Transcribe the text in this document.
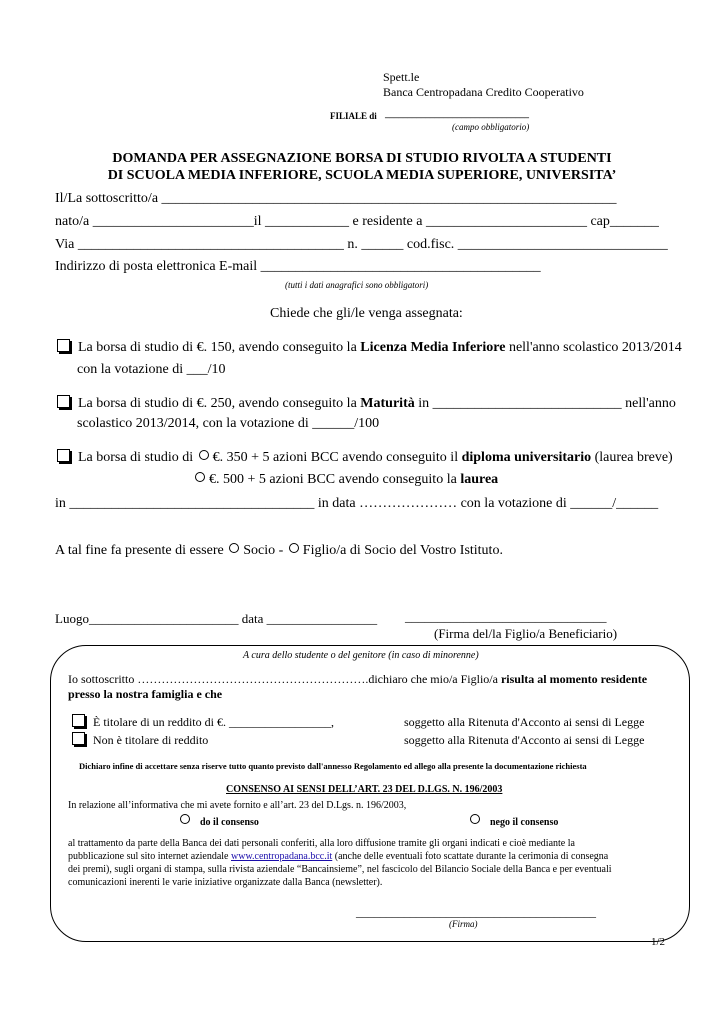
Spett.le
Banca Centropadana Credito Cooperativo
FILIALE di ________________________________
(campo obbligatorio)
DOMANDA PER ASSEGNAZIONE BORSA DI STUDIO RIVOLTA A STUDENTI
DI SCUOLA MEDIA INFERIORE, SCUOLA MEDIA SUPERIORE, UNIVERSITA’
Il/La sottoscritto/a _________________________________________________________________
nato/a _______________________il ____________ e residente a _______________________ cap_______
Via ______________________________________ n. ______ cod.fisc. ______________________________
Indirizzo di posta elettronica E-mail ________________________________________
(tutti i dati anagrafici sono obbligatori)
Chiede che gli/le venga assegnata:
La borsa di studio di €. 150, avendo conseguito la Licenza Media Inferiore nell'anno scolastico 2013/2014
con la votazione di ___/10
La borsa di studio di €. 250, avendo conseguito la Maturità in ___________________________ nell'anno
scolastico 2013/2014, con la votazione di ______/100
La borsa di studio di €. 350 + 5 azioni BCC avendo conseguito il diploma universitario (laurea breve)
€. 500 + 5 azioni BCC avendo conseguito la laurea
in ___________________________________ in data ………………… con la votazione di ______/______
A tal fine fa presente di essere Socio - Figlio/a di Socio del Vostro Istituto.
Luogo_______________________ data _________________ _______________________________
(Firma del/la Figlio/a Beneficiario)
A cura dello studente o del genitore (in caso di minorenne)
Io sottoscritto ………………………………………………….dichiaro che mio/a Figlio/a risulta al momento residente
presso la nostra famiglia e che
È titolare di un reddito di €. _________________,	soggetto alla Ritenuta d'Acconto ai sensi di Legge
Non è titolare di reddito	soggetto alla Ritenuta d'Acconto ai sensi di Legge
Dichiaro infine di accettare senza riserve tutto quanto previsto dall'annesso Regolamento ed allego alla presente la documentazione richiesta
CONSENSO AI SENSI DELL’ART. 23 DEL D.LGS. N. 196/2003
In relazione all’informativa che mi avete fornito e all’art. 23 del D.Lgs. n. 196/2003,
do il consenso	nego il consenso
al trattamento da parte della Banca dei dati personali conferiti, alla loro diffusione tramite gli organi indicati e cioè mediante la
pubblicazione sul sito internet aziendale www.centropadana.bcc.it (anche delle eventuali foto scattate durante la cerimonia di consegna
dei premi), sugli organi di stampa, sulla rivista aziendale “Bancainsieme”, nel fascicolo del Bilancio Sociale della Banca e per eventuali
comunicazioni inerenti le varie iniziative organizzate dalla Banca (newsletter).
________________________________________
(Firma)
1/2
